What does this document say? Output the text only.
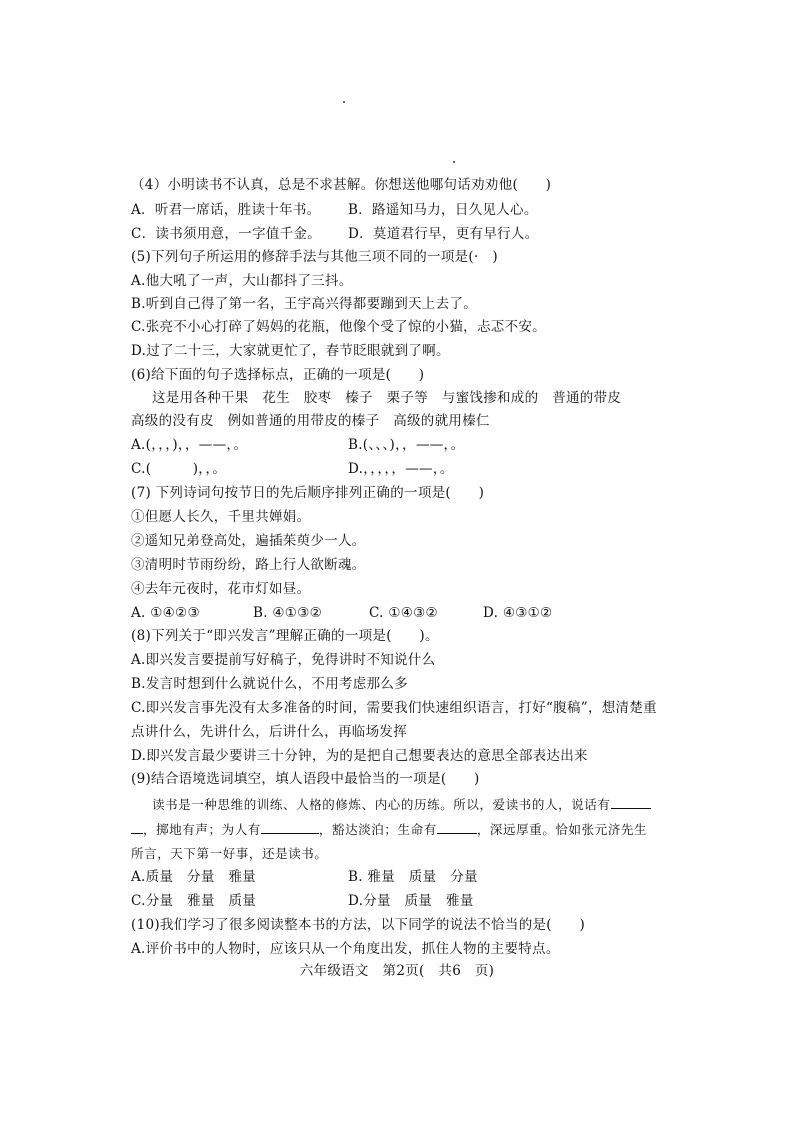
（4）小明读书不认真，总是不求甚解。你想送他哪句话劝劝他(　　)
A．听君一席话，胜读十年书。 B．路遥知马力，日久见人心。
C．读书须用意，一字值千金。 D．莫道君行早，更有早行人。
(5)下列句子所运用的修辞手法与其他三项不同的一项是(·　)
A.他大吼了一声，大山都抖了三抖。
B.听到自己得了第一名，王宇高兴得都要蹦到天上去了。
C.张亮不小心打碎了妈妈的花瓶，他像个受了惊的小猫，忐忑不安。
D.过了二十三，大家就更忙了，春节眨眼就到了啊。
(6)给下面的句子选择标点，正确的一项是(　　)
这是用各种干果　花生　胶枣　榛子　栗子等　与蜜饯掺和成的　普通的带皮
高级的没有皮　例如普通的用带皮的榛子　高级的就用榛仁
A.(，，，)，，——，。	B.(、、、)，，——，。
C.(　　　)，，。	D.，，，，，——，。
(7) 下列诗词句按节日的先后顺序排列正确的一项是(　　)
①但愿人长久，千里共婵娟。
②遥知兄弟登高处，遍插茱萸少一人。
③清明时节雨纷纷，路上行人欲断魂。
④去年元夜时，花市灯如昼。
A. ①④②③	B. ④①③②	C. ①④③②	D. ④③①②
(8)下列关于“即兴发言”理解正确的一项是(　　)。
A.即兴发言要提前写好稿子，免得讲时不知说什么
B.发言时想到什么就说什么，不用考虑那么多
C.即兴发言事先没有太多准备的时间，需要我们快速组织语言，打好“腹稿”，想清楚重
点讲什么，先讲什么，后讲什么，再临场发挥
D.即兴发言最少要讲三十分钟，为的是把自己想要表达的意思全部表达出来
(9)结合语境选词填空，填人语段中最恰当的一项是(　　)
读书是一种思维的训练、人格的修炼、内心的历练。所以，爱读书的人，说话有
，掷地有声；为人有	，豁达淡泊；生命有	，深远厚重。恰如张元济先生
所言，天下第一好事，还是读书。
A.质量　分量　雅量	B. 雅量　质量　分量
C.分量　雅量　质量	D.分量　质量　雅量
(10)我们学习了很多阅读整本书的方法，以下同学的说法不恰当的是(　　)
A.评价书中的人物时，应该只从一个角度出发，抓住人物的主要特点。
六年级语文　第2页(　共6　页)
